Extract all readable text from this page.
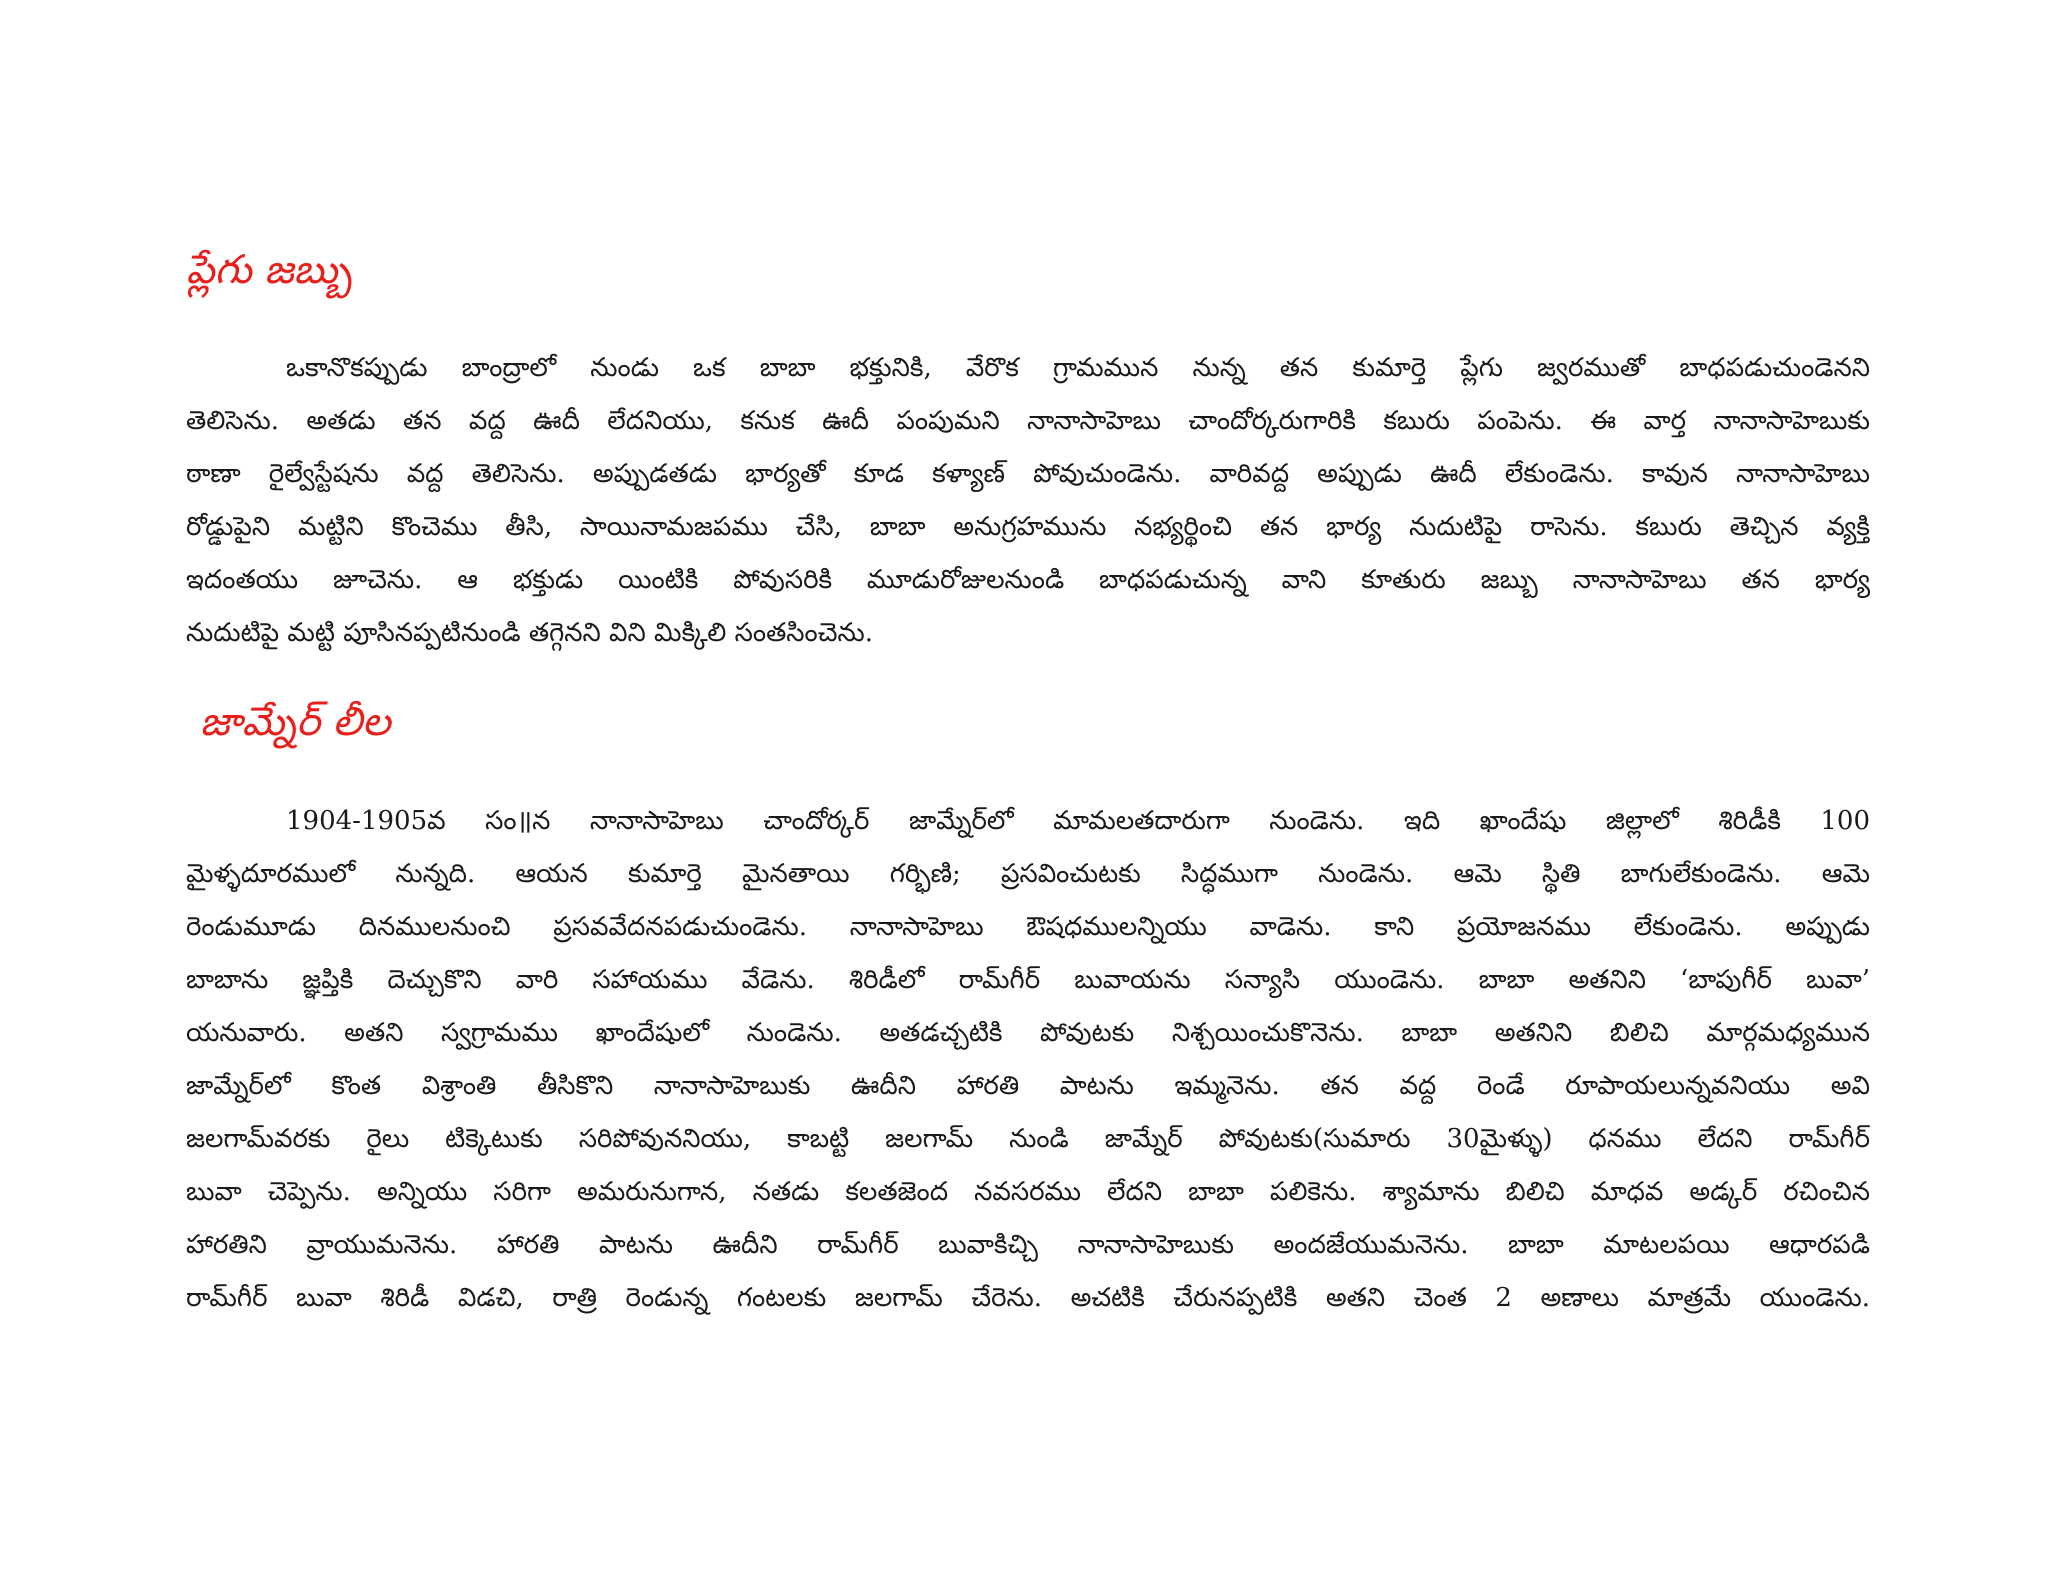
ప్లేగు జబ్బు
ఒకానొకప్పుడు బాంద్రాలో నుండు ఒక బాబా భక్తునికి, వేరొక గ్రామమున నున్న తన కుమార్తె ప్లేగు జ్వరముతో బాధపడుచుండెనని
తెలిసెను. అతడు తన వద్ద ఊదీ లేదనియు, కనుక ఊదీ పంపుమని నానాసాహెబు చాందోర్కరుగారికి కబురు పంపెను. ఈ వార్త నానాసాహెబుకు
ఠాణా రైల్వేస్టేషను వద్ద తెలిసెను. అప్పుడతడు భార్యతో కూడ కళ్యాణ్ పోవుచుండెను. వారివద్ద అప్పుడు ఊదీ లేకుండెను. కావున నానాసాహెబు
రోడ్డుపైని మట్టిని కొంచెము తీసి, సాయినామజపము చేసి, బాబా అనుగ్రహమును నభ్యర్థించి తన భార్య నుదుటిపై రాసెను. కబురు తెచ్చిన వ్యక్తి
ఇదంతయు జూచెను. ఆ భక్తుడు యింటికి పోవుసరికి మూడురోజులనుండి బాధపడుచున్న వాని కూతురు జబ్బు నానాసాహెబు తన భార్య
నుదుటిపై మట్టి పూసినప్పటినుండి తగ్గెనని విని మిక్కిలి సంతసించెను.
జామ్నేర్ లీల
1904-1905వ సం॥న నానాసాహెబు చాందోర్కర్ జామ్నేర్‌లో మామలతదారుగా నుండెను. ఇది ఖాందేషు జిల్లాలో శిరిడీకి 100
మైళ్ళదూరములో నున్నది. ఆయన కుమార్తె మైనతాయి గర్భిణి; ప్రసవించుటకు సిద్ధముగా నుండెను. ఆమె స్థితి బాగులేకుండెను. ఆమె
రెండుమూడు దినములనుంచి ప్రసవవేదనపడుచుండెను. నానాసాహెబు ఔషధములన్నియు వాడెను. కాని ప్రయోజనము లేకుండెను. అప్పుడు
బాబాను జ్ఞప్తికి దెచ్చుకొని వారి సహాయము వేడెను. శిరిడీలో రామ్‌గీర్ బువాయను సన్యాసి యుండెను. బాబా అతనిని ‘బాపుగీర్ బువా’
యనువారు. అతని స్వగ్రామము ఖాందేషులో నుండెను. అతడచ్చటికి పోవుటకు నిశ్చయించుకొనెను. బాబా అతనిని బిలిచి మార్గమధ్యమున
జామ్నేర్‌లో కొంత విశ్రాంతి తీసికొని నానాసాహెబుకు ఊదీని హారతి పాటను ఇమ్మనెను. తన వద్ద రెండే రూపాయలున్నవనియు అవి
జలగామ్‌వరకు రైలు టిక్కెటుకు సరిపోవుననియు, కాబట్టి జలగామ్ నుండి జామ్నేర్ పోవుటకు(సుమారు 30మైళ్ళు) ధనము లేదని రామ్‌గీర్
బువా చెప్పెను. అన్నియు సరిగా అమరునుగాన, నతడు కలతజెంద నవసరము లేదని బాబా పలికెను. శ్యామాను బిలిచి మాధవ అడ్కర్ రచించిన
హారతిని వ్రాయుమనెను. హారతి పాటను ఊదీని రామ్‌గీర్ బువాకిచ్చి నానాసాహెబుకు అందజేయుమనెను. బాబా మాటలపయి ఆధారపడి
రామ్‌గీర్ బువా శిరిడీ విడచి, రాత్రి రెండున్న గంటలకు జలగామ్ చేరెను. అచటికి చేరునప్పటికి అతని చెంత 2 అణాలు మాత్రమే యుండెను.
